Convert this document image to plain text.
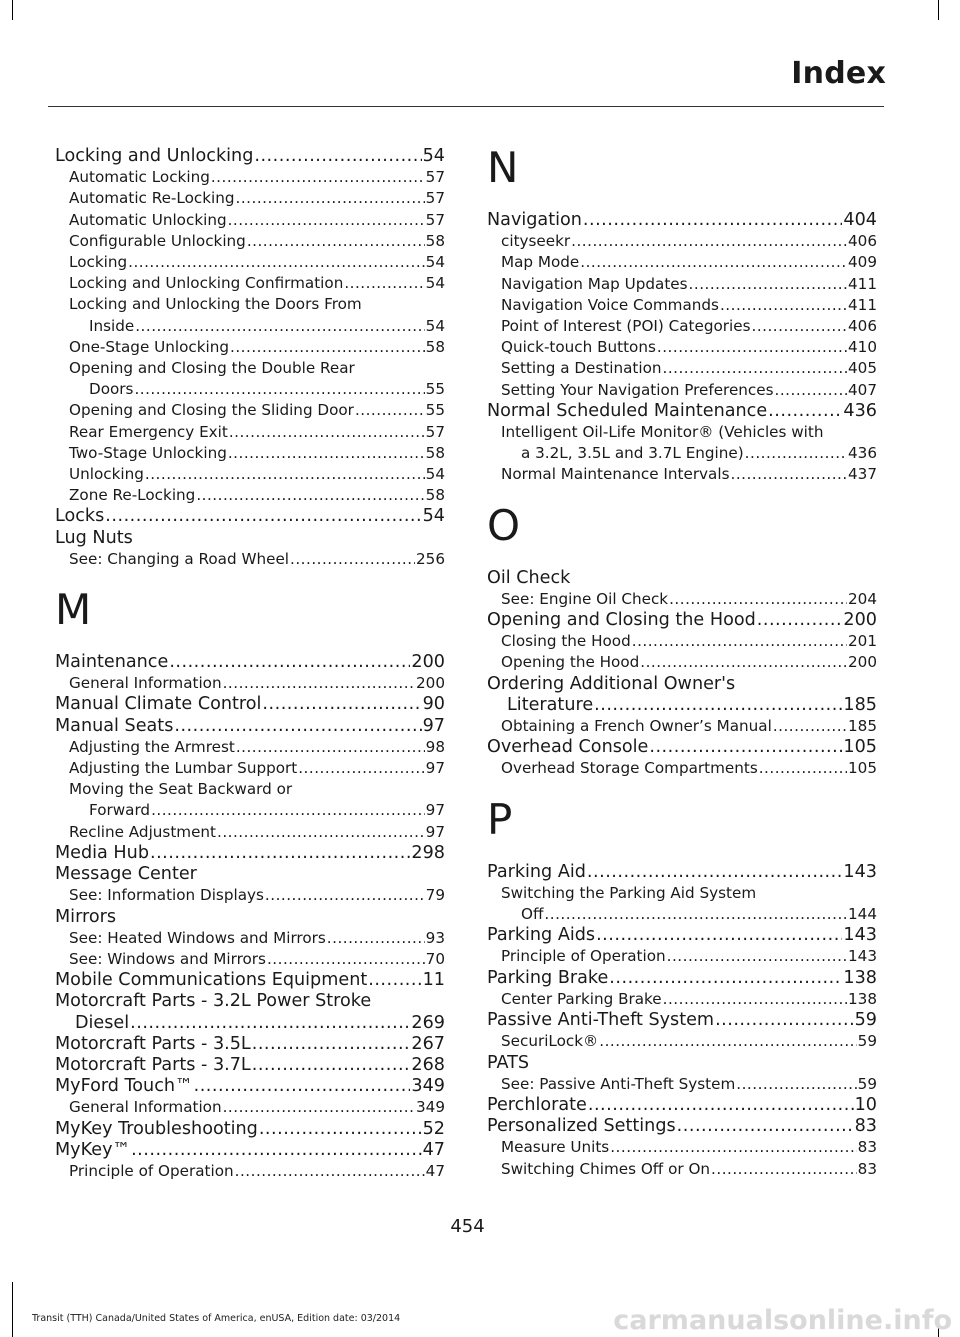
Index
Locking and Unlocking .....	54
Automatic Locking .....	57
Automatic Re-Locking .....	57
Automatic Unlocking .....	57
Configurable Unlocking .....	58
Locking .....	54
Locking and Unlocking Confirmation .....	54
Locking and Unlocking the Doors From
Inside .....	54
One-Stage Unlocking .....	58
Opening and Closing the Double Rear
Doors .....	55
Opening and Closing the Sliding Door .....	55
Rear Emergency Exit .....	57
Two-Stage Unlocking .....	58
Unlocking .....	54
Zone Re-Locking .....	58
Locks .....	54
Lug Nuts
See: Changing a Road Wheel .....	256
M
Maintenance .....	200
General Information .....	200
Manual Climate Control .....	90
Manual Seats .....	97
Adjusting the Armrest .....	98
Adjusting the Lumbar Support .....	97
Moving the Seat Backward or
Forward .....	97
Recline Adjustment .....	97
Media Hub .....	298
Message Center
See: Information Displays .....	79
Mirrors
See: Heated Windows and Mirrors .....	93
See: Windows and Mirrors .....	70
Mobile Communications Equipment .....	11
Motorcraft Parts - 3.2L Power Stroke
Diesel .....	269
Motorcraft Parts - 3.5L .....	267
Motorcraft Parts - 3.7L .....	268
MyFord Touch™ .....	349
General Information .....	349
MyKey Troubleshooting .....	52
MyKey™ .....	47
Principle of Operation .....	47
N
Navigation .....	404
cityseekr .....	406
Map Mode .....	409
Navigation Map Updates .....	411
Navigation Voice Commands .....	411
Point of Interest (POI) Categories .....	406
Quick-touch Buttons .....	410
Setting a Destination .....	405
Setting Your Navigation Preferences .....	407
Normal Scheduled Maintenance .....	436
Intelligent Oil-Life Monitor® (Vehicles with
a 3.2L, 3.5L and 3.7L Engine) .....	436
Normal Maintenance Intervals .....	437
O
Oil Check
See: Engine Oil Check .....	204
Opening and Closing the Hood .....	200
Closing the Hood .....	201
Opening the Hood .....	200
Ordering Additional Owner's
Literature .....	185
Obtaining a French Owner’s Manual .....	185
Overhead Console .....	105
Overhead Storage Compartments .....	105
P
Parking Aid .....	143
Switching the Parking Aid System
Off .....	144
Parking Aids .....	143
Principle of Operation .....	143
Parking Brake .....	138
Center Parking Brake .....	138
Passive Anti-Theft System .....	59
SecuriLock® .....	59
PATS
See: Passive Anti-Theft System .....	59
Perchlorate .....	10
Personalized Settings .....	83
Measure Units .....	83
Switching Chimes Off or On .....	83
454
Transit (TTH) Canada/United States of America, enUSA, Edition date: 03/2014	carmanualsonline.info
